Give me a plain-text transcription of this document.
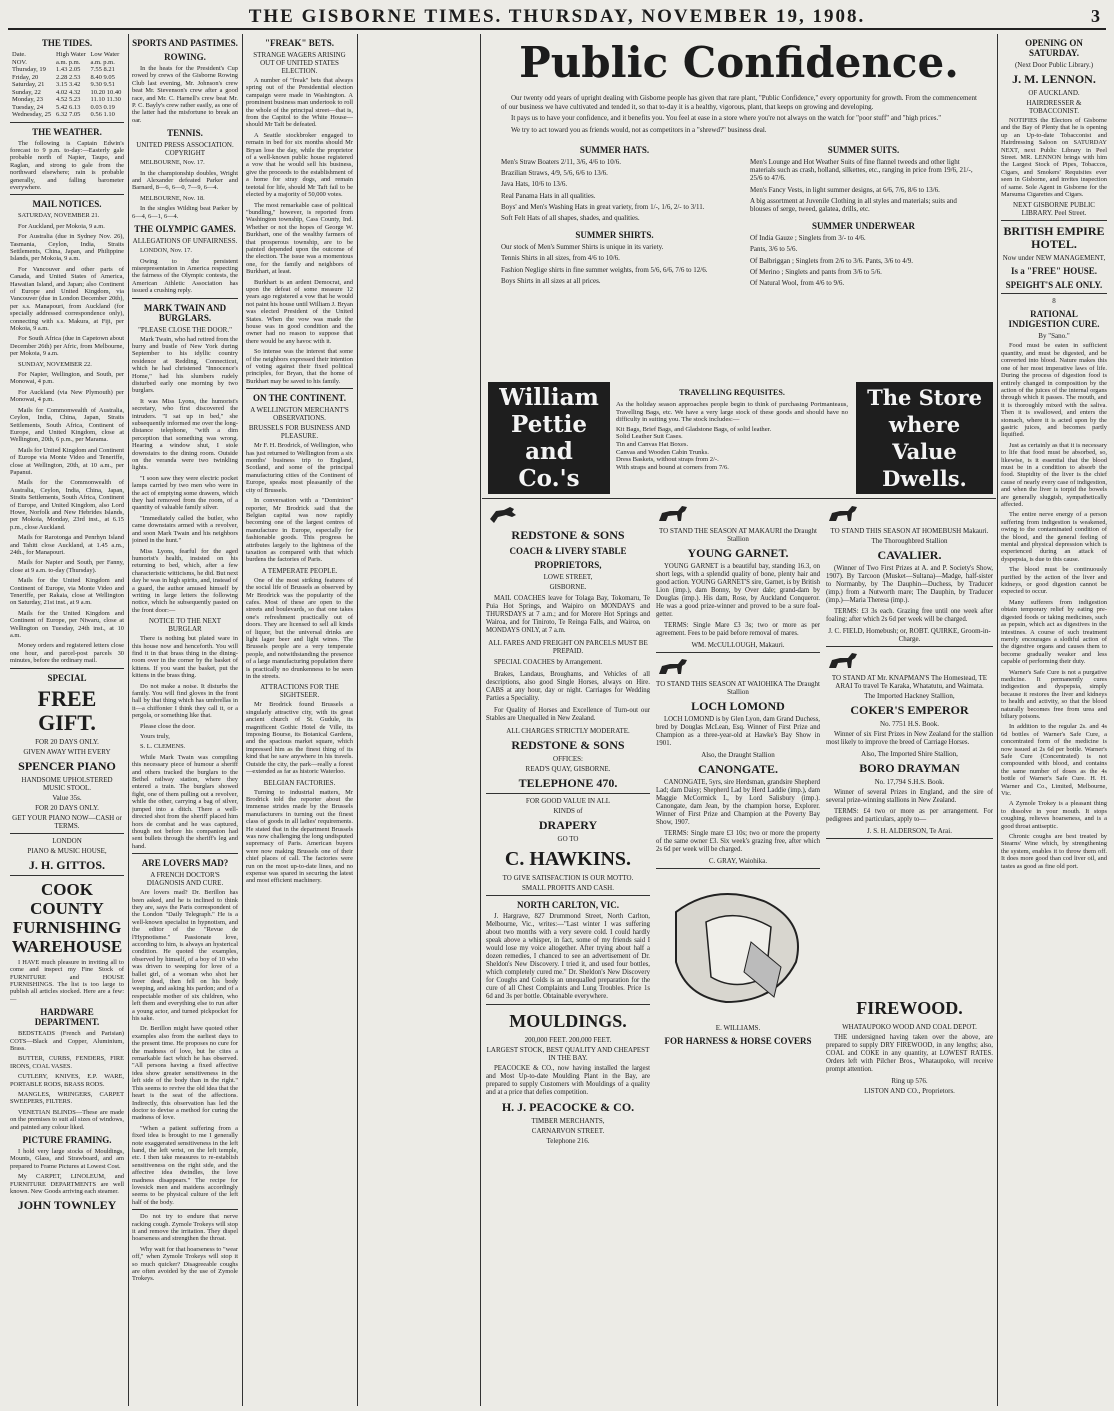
THE GISBORNE TIMES. THURSDAY, NOVEMBER 19, 1908.	3
THE TIDES.
Date.	High Water	Low Water
NOV.	a.m. p.m.	a.m. p.m.
Thursday, 19	1.43 2.05	7.55 8.21
Friday, 20	2.28 2.53	8.40 9.05
Saturday, 21	3.15 3.42	9.30 9.51
Sunday, 22	4.02 4.32	10.20 10.40
Monday, 23	4.52 5.23	11.10 11.30
Tuesday, 24	5.42 6.13	0.03 0.19
Wednesday, 25	6.32 7.05	0.56 1.10
THE WEATHER.

The following is Captain Edwin's forecast to 9 p.m. to-day:—Easterly gale probable north of Napier, Taupo, and Raglan, and strong to gale from the northward elsewhere; rain is probable generally, and falling barometer everywhere.

MAIL NOTICES.

SATURDAY, NOVEMBER 21.

For Auckland, per Mokoia, 9 a.m.

For Australia (due in Sydney Nov. 26), Tasmania, Ceylon, India, Straits Settlements, China, Japan, and Philippine Islands, per Mokoia, 9 a.m.

For Vancouver and other parts of Canada, and United States of America, Hawaiian Island, and Japan; also Continent of Europe and United Kingdom, via Vancouver (due in London December 20th), per s.s. Manapouri, from Auckland (for specially addressed correspondence only), connecting with s.s. Makura, at Fiji, per Mokoia, 9 a.m.

For South Africa (due in Capetown about December 26th) per Afric, from Melbourne, per Mokoia, 9 a.m.

SUNDAY, NOVEMBER 22.

For Napier, Wellington, and South, per Monowai, 4 p.m.

For Auckland (via New Plymouth) per Monowai, 4 p.m.

Mails for Commonwealth of Australia, Ceylon, India, China, Japan, Straits Settlements, South Africa, Continent of Europe, and United Kingdom, close at Wellington, 20th, 6 p.m., per Marama.

Mails for United Kingdom and Continent of Europe via Monte Video and Teneriffe, close at Wellington, 20th, at 10 a.m., per Papanui.

Mails for the Commonwealth of Australia, Ceylon, India, China, Japan, Straits Settlements, South Africa, Continent of Europe, and United Kingdom, also Lord Howe, Norfolk and New Hebrides Islands, per Mokoia, Monday, 23rd inst., at 6.15 p.m., close Auckland.

Mails for Rarotonga and Penrhyn Island and Tahiti close Auckland, at 1.45 a.m., 24th., for Manapouri.

Mails for Napier and South, per Fanny, close at 9 a.m. to-day (Thursday).

Mails for the United Kingdom and Continent of Europe, via Monte Video and Teneriffe, per Rakaia, close at Wellington on Saturday, 21st inst., at 9 a.m.

Mails for the United Kingdom and Continent of Europe, per Niwaru, close at Wellington on Tuesday, 24th inst., at 10 a.m.

Money orders and registered letters close one hour, and parcel-post parcels 30 minutes, before the ordinary mail.

SPECIAL
FREE GIFT.
FOR 20 DAYS ONLY.
GIVEN AWAY WITH EVERY
SPENCER PIANO
HANDSOME UPHOLSTERED MUSIC STOOL.
Value 35s.
FOR 20 DAYS ONLY.
GET YOUR PIANO NOW—CASH or TERMS.
LONDON
PIANO & MUSIC HOUSE,
J. H. GITTOS.
COOK COUNTY FURNISHING WAREHOUSE

I HAVE much pleasure in inviting all to come and inspect my Fine Stock of FURNITURE and HOUSE FURNISHINGS. The list is too large to publish all articles stocked. Here are a few:—

HARDWARE DEPARTMENT.

BEDSTEADS (French and Parisian) COTS—Black and Copper, Aluminium, Brass.

BUTTER, CURBS, FENDERS, FIRE IRONS, COAL VASES.

CUTLERY, KNIVES, E.P. WARE, PORTABLE RODS, BRASS RODS.

MANGLES, WRINGERS, CARPET SWEEPERS, FILTERS.

VENETIAN BLINDS—These are made on the premises to suit all sizes of windows, and painted any colour liked.

PICTURE FRAMING.

I hold very large stocks of Mouldings, Mounts, Glass, and Strawboard, and am prepared to Frame Pictures at Lowest Cost.

My CARPET, LINOLEUM, and FURNITURE DEPARTMENTS are well known. New Goods arriving each steamer.

JOHN TOWNLEY
SPORTS AND PASTIMES.
ROWING.

In the heats for the President's Cup rowed by crews of the Gisborne Rowing Club last evening, Mr. Johnson's crew beat Mr. Stevenson's crew after a good race, and Mr. C. Harnell's crew beat Mr. P. C. Bayly's crew rather easily, as one of the latter had the misfortune to break an oar.

TENNIS.
UNITED PRESS ASSOCIATION. COPYRIGHT

MELBOURNE, Nov. 17.

In the championship doubles, Wright and Alexander defeated Parker and Barnard, 8—6, 6—0, 7—9, 6—4.

MELBOURNE, Nov. 18.

In the singles Wilding beat Parker by 6—4, 6—1, 6—4.

THE OLYMPIC GAMES.
ALLEGATIONS OF UNFAIRNESS.

LONDON, Nov. 17.

Owing to the persistent misrepresentation in America respecting the fairness of the Olympic contests, the American Athletic Association has issued a crushing reply.

MARK TWAIN AND BURGLARS.
"PLEASE CLOSE THE DOOR."

Mark Twain, who had retired from the hurry and bustle of New York during September to his idyllic country residence at Redding, Connecticut, which he had christened "Innocence's Home," had his slumbers rudely disturbed early one morning by two burglars.

It was Miss Lyons, the humorist's secretary, who first discovered the intruders. "I sat up in bed," she subsequently informed me over the long-distance telephone, "with a dim perception that something was wrong. Hearing a window shut, I stole downstairs to the dining room. Outside on the veranda were two twinkling lights.

"I soon saw they were electric pocket lamps carried by two men who were in the act of emptying some drawers, which they had removed from the room, of a quantity of valuable family silver.

"Immediately called the butler, who came downstairs armed with a revolver, and soon Mark Twain and his neighbors joined in the hunt."

Miss Lyons, fearful for the aged humorist's health, insisted on his returning to bed, which, after a few characteristic witticisms, he did. But next day he was in high spirits, and, instead of a guard, the author amused himself by writing in large letters the following notice, which he subsequently pasted on the front door:—

NOTICE TO THE NEXT BURGLAR

There is nothing but plated ware in this house now and henceforth. You will find it in that brass thing in the dining-room over in the corner by the basket of kittens. If you want the basket, put the kittens in the brass thing.

Do not make a noise. It disturbs the family. You will find gloves in the front hall by that thing which has umbrellas in it—a chiffonier I think they call it, or a pergola, or something like that.

Please close the door.

Yours truly,

S. L. CLEMENS.

While Mark Twain was compiling this necessary piece of humour a sheriff and others tracked the burglars to the Bethel railway station, where they entered a train. The burglars showed fight, one of them pulling out a revolver, while the other, carrying a bag of silver, jumped into a ditch. There a well-directed shot from the sheriff placed him hors de combat and he was captured, though not before his companion had sent bullets through the sheriff's leg and hand.

ARE LOVERS MAD?
A FRENCH DOCTOR'S DIAGNOSIS AND CURE.

Are lovers mad? Dr. Berillon has been asked, and he is inclined to think they are, says the Paris correspondent of the London "Daily Telegraph." He is a well-known specialist in hypnotism, and the editor of the "Revue de l'Hypnotisme." Passionate love, according to him, is always an hysterical condition. He quoted the examples, observed by himself, of a boy of 10 who was driven to weeping for love of a ballet girl, of a woman who shot her lover dead, then fell on his body weeping, and asking his pardon; and of a respectable mother of six children, who left them and everything else to run after a young actor, and turned pickpocket for his sake.

Dr. Berillon might have quoted other examples also from the earliest days to the present time. He proposes no cure for the madness of love, but he cites a remarkable fact which he has observed. "All persons having a fixed affective idea show greater sensitiveness in the left side of the body than in the right." This seems to revive the old idea that the heart is the seat of the affections. Indirectly, this observation has led the doctor to devise a method for curing the madness of love.

"When a patient suffering from a fixed idea is brought to me I generally note exaggerated sensitiveness in the left hand, the left wrist, on the left temple, etc. I then take measures to re-establish sensitiveness on the right side, and the affective idea dwindles, the love madness disappears." The recipe for lovesick men and maidens accordingly seems to be physical culture of the left half of the body.

Do not try to endure that nerve racking cough. Zymole Trokeys will stop it and remove the irritation. They dispel hoarseness and strengthen the throat.

Why wait for that hoarseness to "wear off," when Zymole Trokeys will stop it so much quicker? Disagreeable coughs are often avoided by the use of Zymole Trokeys.

"FREAK" BETS.
STRANGE WAGERS ARISING OUT OF UNITED STATES ELECTION.

A number of "freak" bets that always spring out of the Presidential election campaign were made in Washington. A prominent business man undertook to roll the whole of the principal street—that is, from the Capitol to the White House—should Mr Taft be defeated.

A Seattle stockbroker engaged to remain in bed for six months should Mr Bryan lose the day, while the proprietor of a well-known public house registered a vow that he would sell his business, give the proceeds to the establishment of a home for stray dogs, and remain teetotal for life, should Mr Taft fail to be elected by a majority of 50,000 votes.

The most remarkable case of political "bundling," however, is reported from Washington township, Cass County, Ind. Whether or not the hopes of George W. Burkhart, one of the wealthy farmers of that prosperous township, are to be painted depended upon the outcome of the election. The issue was a momentous one, for the family and neighbors of Burkhart, at least.

Burkhart is an ardent Democrat, and upon the defeat of some measure 12 years ago registered a vow that he would not paint his house until William J. Bryan was elected President of the United States. When the vow was made the house was in good condition and the owner had no reason to suppose that there would be any havoc with it.

So intense was the interest that some of the neighbors expressed their intention of voting against their fixed political principles, for Bryan, that the home of Burkhart may be saved to his family.

ON THE CONTINENT.
A WELLINGTON MERCHANT'S OBSERVATIONS.
BRUSSELS FOR BUSINESS AND PLEASURE.

Mr F. H. Brodrick, of Wellington, who has just returned to Wellington from a six months' business trip to England, Scotland, and some of the principal manufacturing cities of the Continent of Europe, speaks most pleasantly of the city of Brussels.

In conversation with a "Dominion" reporter, Mr Brodrick said that the Belgian capital was now rapidly becoming one of the largest centres of manufacture in Europe, especially for fashionable goods. This progress he attributes largely to the lightness of the taxation as compared with that which burdens the factories of Paris.

A TEMPERATE PEOPLE.

One of the most striking features of the social life of Brussels as observed by Mr Brodrick was the popularity of the cafes. Most of these are open to the streets and boulevards, so that one takes one's refreshment practically out of doors. They are licensed to sell all kinds of liquor, but the universal drinks are light lager beer and light wines. The Brussels people are a very temperate people, and notwithstanding the presence of a large manufacturing population there is practically no drunkenness to be seen in the streets.

ATTRACTIONS FOR THE SIGHTSEER.

Mr Brodrick found Brussels a singularly attractive city, with its great ancient church of St. Gudule, its magnificent Gothic Hotel de Ville, its imposing Bourse, its Botanical Gardens, and the spacious market square, which impressed him as the finest thing of its kind that he saw anywhere in his travels. Outside the city, the park—really a forest—extended as far as historic Waterloo.

BELGIAN FACTORIES.

Turning to industrial matters, Mr Brodrick told the reporter about the immense strides made by the Brussels manufacturers in turning out the finest class of goods in all ladies' requirements. He stated that in the department Brussels was now challenging the long undisputed supremacy of Paris. American buyers were now making Brussels one of their chief places of call. The factories were run on the most up-to-date lines, and no expense was spared in securing the latest and most efficient machinery.

Public Confidence.

Our twenty odd years of upright dealing with Gisborne people has given that rare plant, "Public Confidence," every opportunity for growth. From the commencement of our business we have cultivated and tended it, so that to-day it is a healthy, vigorous, plant, that keeps on growing and developing.

It pays us to have your confidence, and it benefits you. You feel at ease in a store where you're not always on the watch for "poor stuff" and "high prices."

We try to act toward you as friends would, not as competitors in a "shrewd?" business deal.

SUMMER HATS.
Men's Straw Boaters 2/11, 3/6, 4/6 to 10/6.
Brazilian Straws, 4/9, 5/6, 6/6 to 13/6.
Java Hats, 10/6 to 13/6.
Real Panama Hats in all qualities.
Boys' and Men's Washing Hats in great variety, from 1/-, 1/6, 2/- to 3/11.
Soft Felt Hats of all shapes, shades, and qualities.
SUMMER SHIRTS.
Our stock of Men's Summer Shirts is unique in its variety.
Tennis Shirts in all sizes, from 4/6 to 10/6.
Fashion Neglige shirts in fine summer weights, from 5/6, 6/6, 7/6 to 12/6.
Boys Shirts in all sizes at all prices.
SUMMER SUITS.
Men's Lounge and Hot Weather Suits of fine flannel tweeds and other light materials such as crash, holland, silkettes, etc., ranging in price from 19/6, 21/-, 25/6 to 47/6.
Men's Fancy Vests, in light summer designs, at 6/6, 7/6, 8/6 to 13/6.
A big assortment at Juvenile Clothing in all styles and materials; suits and blouses of serge, tweed, galatea, drills, etc.
SUMMER UNDERWEAR
Of India Gauze ; Singlets from 3/- to 4/6.
Pants, 3/6 to 5/6.
Of Balbriggan ; Singlets from 2/6 to 3/6. Pants, 3/6 to 4/9.
Of Merino ; Singlets and pants from 3/6 to 5/6.
Of Natural Wool, from 4/6 to 9/6.
William Pettie and Co.'s
TRAVELLING REQUISITES.

As the holiday season approaches people begin to think of purchasing Portmanteaus, Travelling Bags, etc. We have a very large stock of these goods and should have no difficulty in suiting you. The stock includes:—

Kit Bags, Brief Bags, and Gladstone Bags, of solid leather.
Solid Leather Suit Cases.
Tin and Canvas Hat Boxes.
Canvas and Wooden Cabin Trunks.
Dress Baskets, without straps from 2/-.
With straps and bound at corners from 7/6.
The Store where Value Dwells.
REDSTONE & SONS
COACH & LIVERY STABLE
PROPRIETORS,
LOWE STREET,
GISBORNE.

MAIL COACHES leave for Tolaga Bay, Tokomaru, Te Puia Hot Springs, and Waipiro on MONDAYS and THURSDAYS at 7 a.m.; and for Morere Hot Springs and Wairoa, and for Tiniroto, Te Reinga Falls, and Wairoa, on MONDAYS ONLY, at 7 a.m.

ALL FARES AND FREIGHT ON PARCELS MUST BE PREPAID.

SPECIAL COACHES by Arrangement.

Brakes, Landaus, Broughams, and Vehicles of all descriptions, also good Single Horses, always on Hire. CABS at any hour, day or night. Carriages for Wedding Parties a Speciality.

For Quality of Horses and Excellence of Turn-out our Stables are Unequalled in New Zealand.

ALL CHARGES STRICTLY MODERATE.
REDSTONE & SONS
OFFICES:
READ'S QUAY, GISBORNE.
TELEPHONE 470.
FOR GOOD VALUE IN ALL
KINDS of
DRAPERY
GO TO
C. HAWKINS.
TO GIVE SATISFACTION IS OUR MOTTO.
SMALL PROFITS AND CASH.
NORTH CARLTON, VIC.

J. Hargrave, 827 Drummond Street, North Carlton, Melbourne, Vic., writes:—"Last winter I was suffering about two months with a very severe cold. I could hardly speak above a whisper, in fact, some of my friends said I would lose my voice altogether. After trying about half a dozen remedies, I chanced to see an advertisement of Dr. Sheldon's New Discovery. I tried it, and used four bottles, which completely cured me." Dr. Sheldon's New Discovery for Coughs and Colds is an unequalled preparation for the cure of all Chest Complaints and Lung Troubles. Price 1s 6d and 3s per bottle. Obtainable everywhere.

MOULDINGS.
200,000 FEET. 200,000 FEET.
LARGEST STOCK, BEST QUALITY AND CHEAPEST IN THE BAY.

PEACOCKE & CO., now having installed the largest and Most Up-to-date Moulding Plant in the Bay, are prepared to supply Customers with Mouldings of a quality and at a price that defies competition.

H. J. PEACOCKE & CO.
TIMBER MERCHANTS,
CARNARVON STREET.
Telephone 216.
TO STAND THE SEASON AT MAKAURI the Draught Stallion
YOUNG GARNET.

YOUNG GARNET is a beautiful bay, standing 16.3, on short legs, with a splendid quality of bone, plenty hair and good action. YOUNG GARNET'S sire, Garnet, is by British Lion (imp.), dam Bonny, by Over dale; grand-dam by Douglas (imp.). His dam, Rose, by Auckland Conqueror. He was a good prize-winner and proved to be a sure foal-getter.

TERMS: Single Mare £3 3s; two or more as per agreement. Fees to be paid before removal of mares.

WM. McCULLOUGH, Makauri.
TO STAND THIS SEASON AT WAIOHIKA The Draught Stallion
LOCH LOMOND

LOCH LOMOND is by Glen Lyon, dam Grand Duchess, bred by Douglas McLean, Esq. Winner of First Prize and Champion as a three-year-old at Hawke's Bay Show in 1901.

Also, the Draught Stallion
CANONGATE.

CANONGATE, 5yrs, sire Herdsman, grandsire Shepherd Lad; dam Daisy; Shepherd Lad by Herd Laddie (imp.), dam Maggie McCormick I., by Lord Salisbury (imp.). Canongate, dam Jean, by the champion horse, Explorer. Winner of First Prize and Champion at the Poverty Bay Show, 1907.

TERMS: Single mare £3 10s; two or more the property of the same owner £3. Six week's grazing free, after which 2s 6d per week will be charged.

C. GRAY, Waiohika.
E. WILLIAMS.
FOR HARNESS & HORSE COVERS
TO STAND THIS SEASON AT HOMEBUSH Makauri.
The Thoroughbred Stallion
CAVALIER.

(Winner of Two First Prizes at A. and P. Society's Show, 1907). By Tarcoon (Musket—Sultana)—Madge, half-sister to Normanby, by The Dauphin—Duchess, by Traducer (imp.) from a Nutworth mare; The Dauphin, by Traducer (imp.)—Maria Theresa (imp.).

TERMS: £3 3s each. Grazing free until one week after foaling; after which 2s 6d per week will be charged.

J. C. FIELD, Homebush; or, ROBT. QUIRKE, Groom-in-Charge.
TO STAND AT Mr. KNAPMAN'S The Homestead, TE ARAI To travel Te Karaka, Whatatutu, and Waimata.
The Imported Hackney Stallion,
COKER'S EMPEROR
No. 7751 H.S. Book.

Winner of six First Prizes in New Zealand for the stallion most likely to improve the breed of Carriage Horses.

Also, The Imported Shire Stallion,
BORO DRAYMAN
No. 17,794 S.H.S. Book.

Winner of several Prizes in England, and the sire of several prize-winning stallions in New Zealand.

TERMS: £4 two or more as per arrangement. For pedigrees and particulars, apply to—

J. S. H. ALDERSON, Te Arai.
FIREWOOD.
WHATAUPOKO WOOD AND COAL DEPOT.

THE undersigned having taken over the above, are prepared to supply DRY FIREWOOD, in any lengths; also, COAL and COKE in any quantity, at LOWEST RATES. Orders left with Pilcher Bros., Whataupoko, will receive prompt attention.

Ring up 576.
LISTON AND CO., Proprietors.
OPENING ON SATURDAY.
(Next Door Public Library.)
J. M. LENNON.
OF AUCKLAND.
HAIRDRESSER & TOBACCONIST.

NOTIFIES the Electors of Gisborne and the Bay of Plenty that he is opening up an Up-to-date Tobacconist and Hairdressing Saloon on SATURDAY NEXT, next Public Library in Peel Street. MR. LENNON brings with him the Largest Stock of Pipes, Tobaccos, Cigars, and Smokers' Requisites ever seen in Gisborne, and invites inspection of same. Sole Agent in Gisborne for the Marsuma Cigarettes and Cigars.

NEXT GISBORNE PUBLIC LIBRARY. Peel Street.
BRITISH EMPIRE HOTEL.
Now under NEW MANAGEMENT,
Is a "FREE" HOUSE.
SPEIGHT'S ALE ONLY.
8
RATIONAL INDIGESTION CURE.
By "Sano."

Food must be eaten in sufficient quantity, and must be digested, and be converted into blood. Nature makes this one of her most imperative laws of life. During the process of digestion food is entirely changed in composition by the action of the juices of the internal organs through which it passes. The mouth, and it is thoroughly mixed with the saliva. Then it is swallowed, and enters the stomach, where it is acted upon by the gastric juices, and becomes partly liquified.

Just as certainly as that it is necessary to life that food must be absorbed, so, likewise, is it essential that the blood must be in a condition to absorb the food. Stupidity of the liver is the chief cause of nearly every case of indigestion, and when the liver is torpid the bowels are generally sluggish, sympathetically affected.

The entire nerve energy of a person suffering from indigestion is weakened, owing to the contaminated condition of the blood, and the general feeling of mental and physical depression which is experienced during an attack of dyspepsia, is due to this cause.

The blood must be continuously purified by the action of the liver and kidneys, or good digestion cannot be expected to occur.

Many sufferers from indigestion obtain temporary relief by eating pre-digested foods or taking medicines, such as pepsin, which act as digestives in the intestines. A course of such treatment merely encourages a slothful action of the digestive organs and causes them to become gradually weaker and less capable of performing their duty.

Warner's Safe Cure is not a purgative medicine. It permanently cures indigestion and dyspepsia, simply because it restores the liver and kidneys to health and activity, so that the blood naturally becomes free from urea and biliary poisons.

In addition to the regular 2s. and 4s 6d bottles of Warner's Safe Cure, a concentrated form of the medicine is now issued at 2s 6d per bottle. Warner's Safe Cure (Concentrated) is not compounded with blood, and contains the same number of doses as the 4s bottle of Warner's Safe Cure. H. H. Warner and Co., Limited, Melbourne, Vic.

A Zymole Trokey is a pleasant thing to dissolve in your mouth. It stops coughing, relieves hoarseness, and is a good throat antiseptic.

Chronic coughs are best treated by Stearns' Wine which, by strengthening the system, enables it to throw them off. It does more good than cod liver oil, and tastes as good as fine old port.
